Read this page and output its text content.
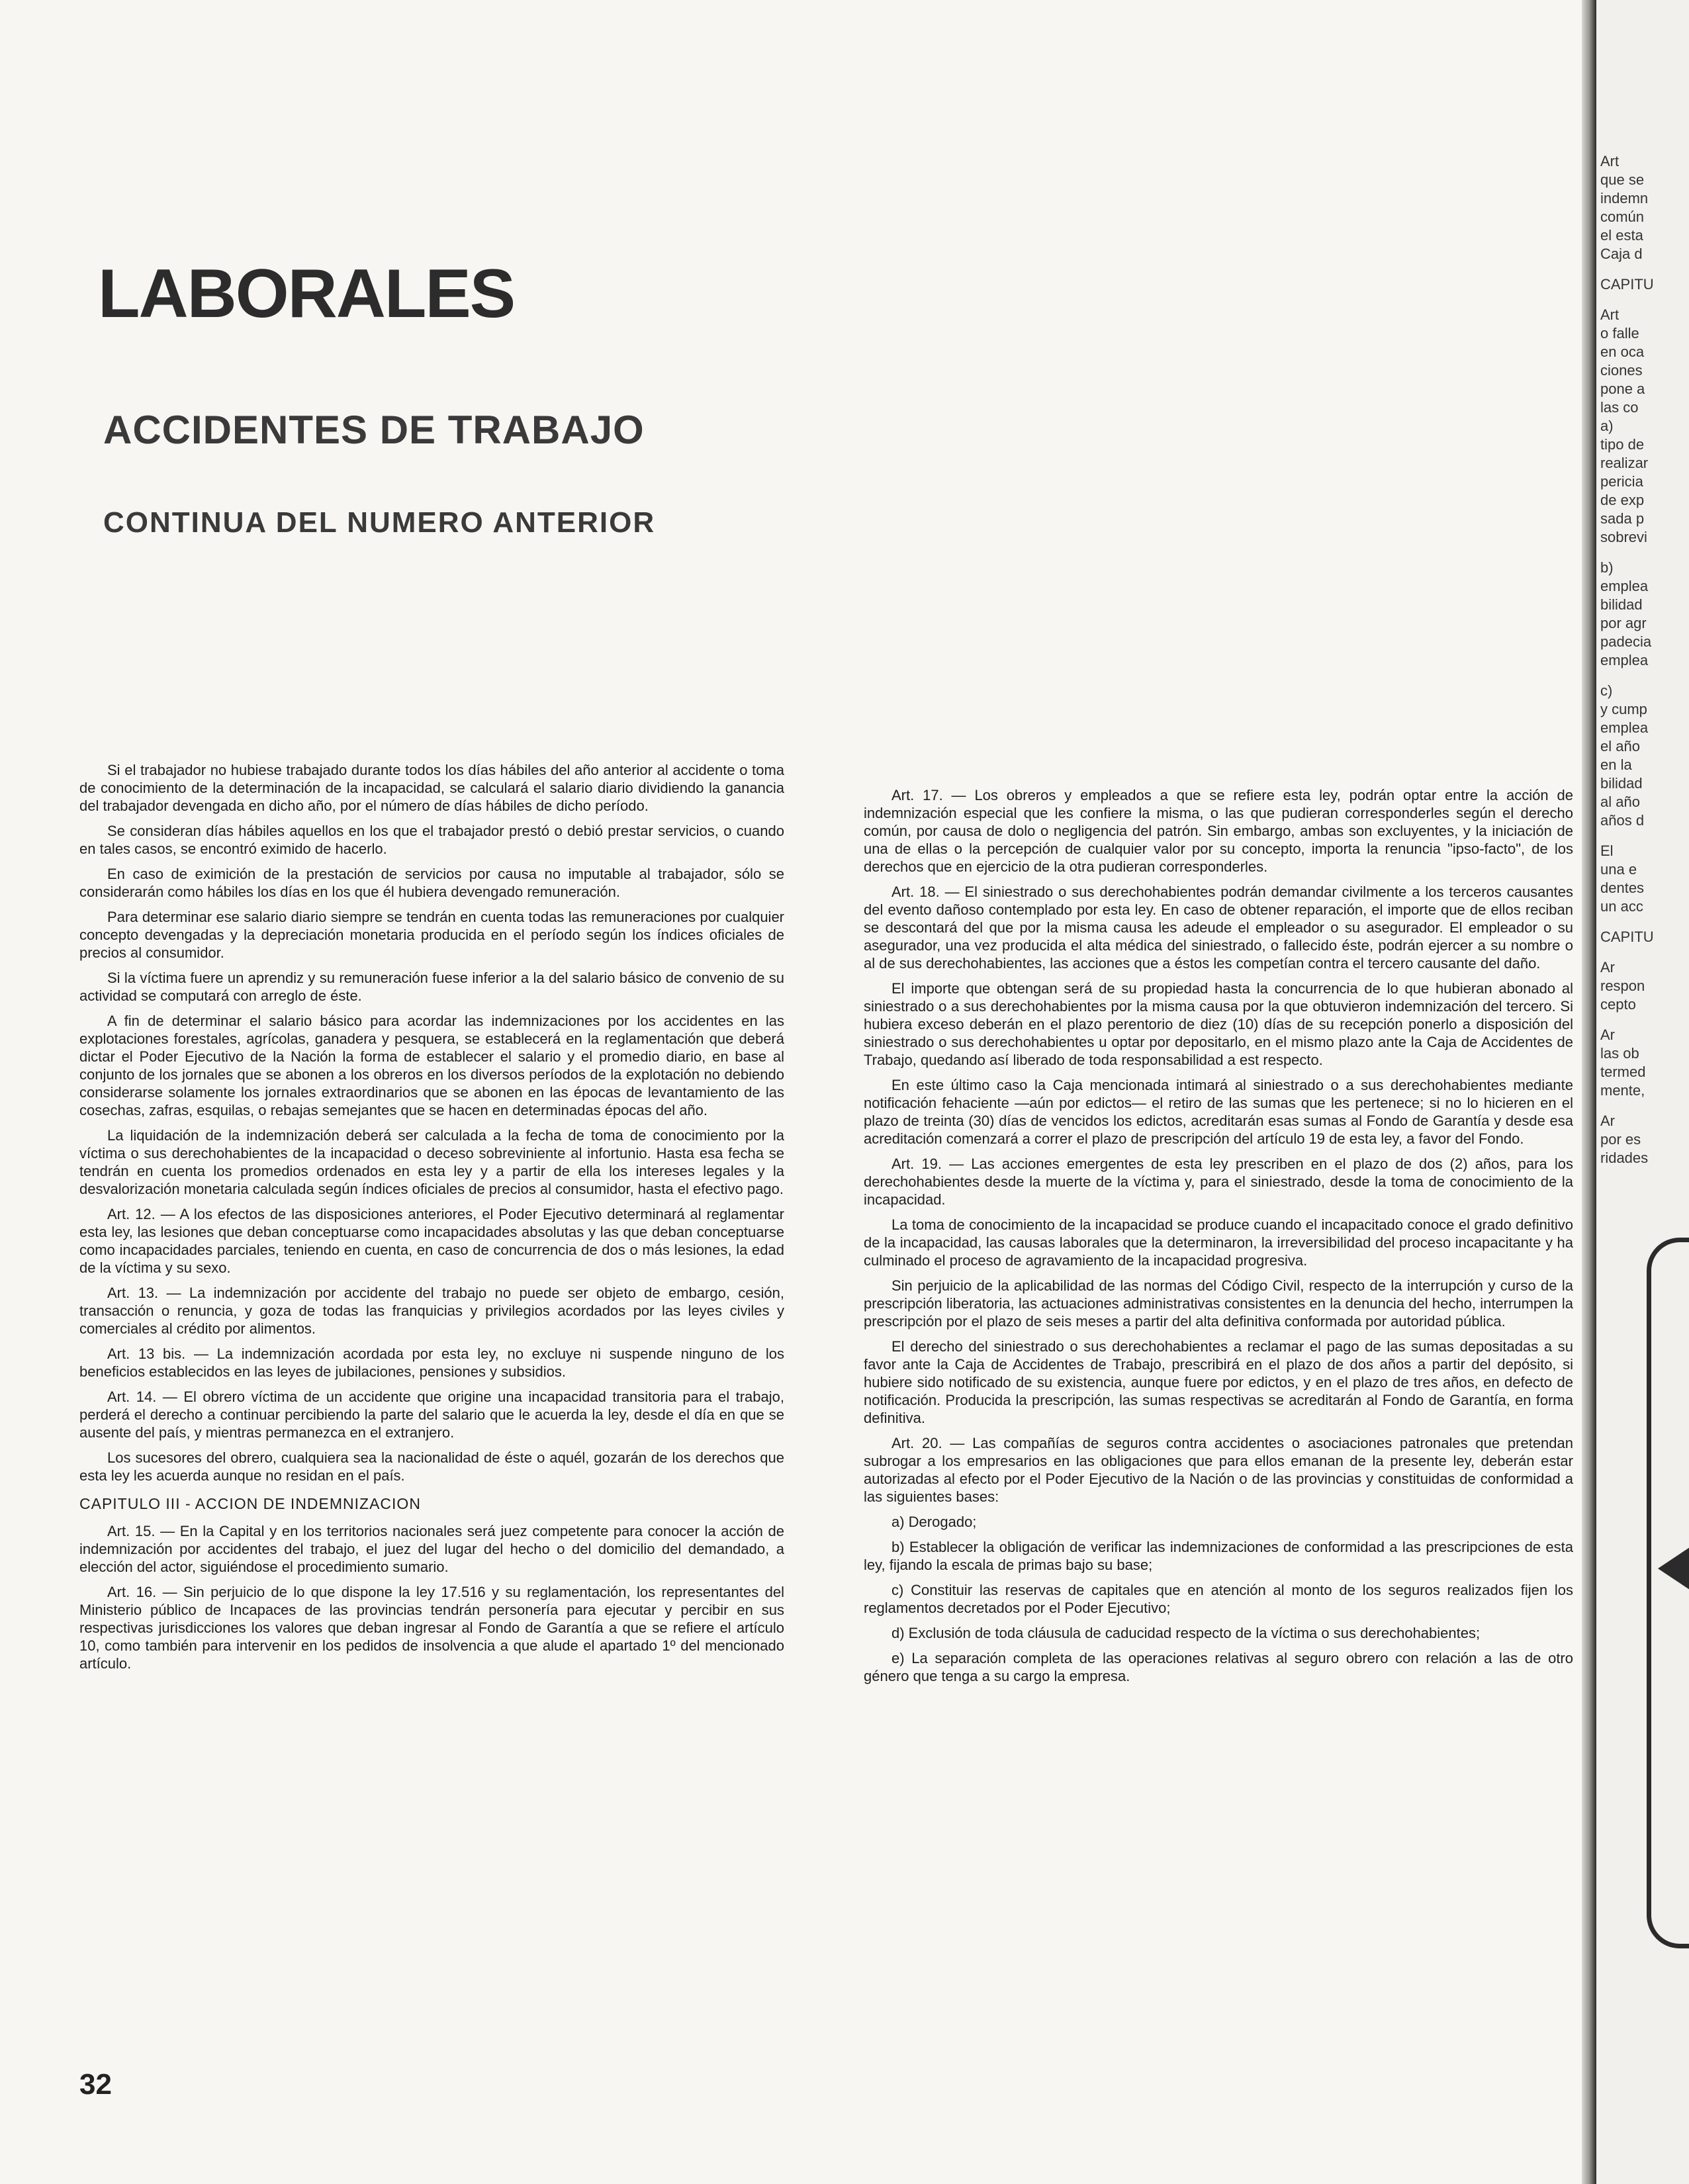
LABORALES
ACCIDENTES DE TRABAJO
CONTINUA DEL NUMERO ANTERIOR

Si el trabajador no hubiese trabajado durante todos los días hábiles del año anterior al accidente o toma de conocimiento de la determinación de la incapacidad, se calculará el salario diario dividiendo la ganancia del trabajador devengada en dicho año, por el número de días hábiles de dicho período.

Se consideran días hábiles aquellos en los que el trabajador prestó o debió prestar servicios, o cuando en tales casos, se encontró eximido de hacerlo.

En caso de eximición de la prestación de servicios por causa no imputable al trabajador, sólo se considerarán como hábiles los días en los que él hubiera devengado remuneración.

Para determinar ese salario diario siempre se tendrán en cuenta todas las remuneraciones por cualquier concepto devengadas y la depreciación monetaria producida en el período según los índices oficiales de precios al consumidor.

Si la víctima fuere un aprendiz y su remuneración fuese inferior a la del salario básico de convenio de su actividad se computará con arreglo de éste.

A fin de determinar el salario básico para acordar las indemnizaciones por los accidentes en las explotaciones forestales, agrícolas, ganadera y pesquera, se establecerá en la reglamentación que deberá dictar el Poder Ejecutivo de la Nación la forma de establecer el salario y el promedio diario, en base al conjunto de los jornales que se abonen a los obreros en los diversos períodos de la explotación no debiendo considerarse solamente los jornales extraordinarios que se abonen en las épocas de levantamiento de las cosechas, zafras, esquilas, o rebajas semejantes que se hacen en determinadas épocas del año.

La liquidación de la indemnización deberá ser calculada a la fecha de toma de conocimiento por la víctima o sus derechohabientes de la incapacidad o deceso sobreviniente al infortunio. Hasta esa fecha se tendrán en cuenta los promedios ordenados en esta ley y a partir de ella los intereses legales y la desvalorización monetaria calculada según índices oficiales de precios al consumidor, hasta el efectivo pago.

Art. 12. — A los efectos de las disposiciones anteriores, el Poder Ejecutivo determinará al reglamentar esta ley, las lesiones que deban conceptuarse como incapacidades absolutas y las que deban conceptuarse como incapacidades parciales, teniendo en cuenta, en caso de concurrencia de dos o más lesiones, la edad de la víctima y su sexo.

Art. 13. — La indemnización por accidente del trabajo no puede ser objeto de embargo, cesión, transacción o renuncia, y goza de todas las franquicias y privilegios acordados por las leyes civiles y comerciales al crédito por alimentos.

Art. 13 bis. — La indemnización acordada por esta ley, no excluye ni suspende ninguno de los beneficios establecidos en las leyes de jubilaciones, pensiones y subsidios.

Art. 14. — El obrero víctima de un accidente que origine una incapacidad transitoria para el trabajo, perderá el derecho a continuar percibiendo la parte del salario que le acuerda la ley, desde el día en que se ausente del país, y mientras permanezca en el extranjero.

Los sucesores del obrero, cualquiera sea la nacionalidad de éste o aquél, gozarán de los derechos que esta ley les acuerda aunque no residan en el país.

CAPITULO III - ACCION DE INDEMNIZACION

Art. 15. — En la Capital y en los territorios nacionales será juez competente para conocer la acción de indemnización por accidentes del trabajo, el juez del lugar del hecho o del domicilio del demandado, a elección del actor, siguiéndose el procedimiento sumario.

Art. 16. — Sin perjuicio de lo que dispone la ley 17.516 y su reglamentación, los representantes del Ministerio público de Incapaces de las provincias tendrán personería para ejecutar y percibir en sus respectivas jurisdicciones los valores que deban ingresar al Fondo de Garantía a que se refiere el artículo 10, como también para intervenir en los pedidos de insolvencia a que alude el apartado 1º del mencionado artículo.

Art. 17. — Los obreros y empleados a que se refiere esta ley, podrán optar entre la acción de indemnización especial que les confiere la misma, o las que pudieran corresponderles según el derecho común, por causa de dolo o negligencia del patrón. Sin embargo, ambas son excluyentes, y la iniciación de una de ellas o la percepción de cualquier valor por su concepto, importa la renuncia "ipso-facto", de los derechos que en ejercicio de la otra pudieran corresponderles.

Art. 18. — El siniestrado o sus derechohabientes podrán demandar civilmente a los terceros causantes del evento dañoso contemplado por esta ley. En caso de obtener reparación, el importe que de ellos reciban se descontará del que por la misma causa les adeude el empleador o su asegurador. El empleador o su asegurador, una vez producida el alta médica del siniestrado, o fallecido éste, podrán ejercer a su nombre o al de sus derechohabientes, las acciones que a éstos les competían contra el tercero causante del daño.

El importe que obtengan será de su propiedad hasta la concurrencia de lo que hubieran abonado al siniestrado o a sus derechohabientes por la misma causa por la que obtuvieron indemnización del tercero. Si hubiera exceso deberán en el plazo perentorio de diez (10) días de su recepción ponerlo a disposición del siniestrado o sus derechohabientes u optar por depositarlo, en el mismo plazo ante la Caja de Accidentes de Trabajo, quedando así liberado de toda responsabilidad a est respecto.

En este último caso la Caja mencionada intimará al siniestrado o a sus derechohabientes mediante notificación fehaciente —aún por edictos— el retiro de las sumas que les pertenece; si no lo hicieren en el plazo de treinta (30) días de vencidos los edictos, acreditarán esas sumas al Fondo de Garantía y desde esa acreditación comenzará a correr el plazo de prescripción del artículo 19 de esta ley, a favor del Fondo.

Art. 19. — Las acciones emergentes de esta ley prescriben en el plazo de dos (2) años, para los derechohabientes desde la muerte de la víctima y, para el siniestrado, desde la toma de conocimiento de la incapacidad.

La toma de conocimiento de la incapacidad se produce cuando el incapacitado conoce el grado definitivo de la incapacidad, las causas laborales que la determinaron, la irreversibilidad del proceso incapacitante y ha culminado el proceso de agravamiento de la incapacidad progresiva.

Sin perjuicio de la aplicabilidad de las normas del Código Civil, respecto de la interrupción y curso de la prescripción liberatoria, las actuaciones administrativas consistentes en la denuncia del hecho, interrumpen la prescripción por el plazo de seis meses a partir del alta definitiva conformada por autoridad pública.

El derecho del siniestrado o sus derechohabientes a reclamar el pago de las sumas depositadas a su favor ante la Caja de Accidentes de Trabajo, prescribirá en el plazo de dos años a partir del depósito, si hubiere sido notificado de su existencia, aunque fuere por edictos, y en el plazo de tres años, en defecto de notificación. Producida la prescripción, las sumas respectivas se acreditarán al Fondo de Garantía, en forma definitiva.

Art. 20. — Las compañías de seguros contra accidentes o asociaciones patronales que pretendan subrogar a los empresarios en las obligaciones que para ellos emanan de la presente ley, deberán estar autorizadas al efecto por el Poder Ejecutivo de la Nación o de las provincias y constituidas de conformidad a las siguientes bases:

a) Derogado;

b) Establecer la obligación de verificar las indemnizaciones de conformidad a las prescripciones de esta ley, fijando la escala de primas bajo su base;

c) Constituir las reservas de capitales que en atención al monto de los seguros realizados fijen los reglamentos decretados por el Poder Ejecutivo;

d) Exclusión de toda cláusula de caducidad respecto de la víctima o sus derechohabientes;

e) La separación completa de las operaciones relativas al seguro obrero con relación a las de otro género que tenga a su cargo la empresa.

32

Art
que se
indemn
común
el esta
Caja d
CAPITU
Art
o falle
en oca
ciones
pone a
las co
a)
tipo de
realizar
pericia
de exp
sada p
sobrevi
b)
emplea
bilidad
por agr
padecia
emplea
c)
y cump
emplea
el año
en la
bilidad
al año
años d
El
una e
dentes
un acc
CAPITU
Ar
respon
cepto
Ar
las ob
termed
mente,
Ar
por es
ridades
